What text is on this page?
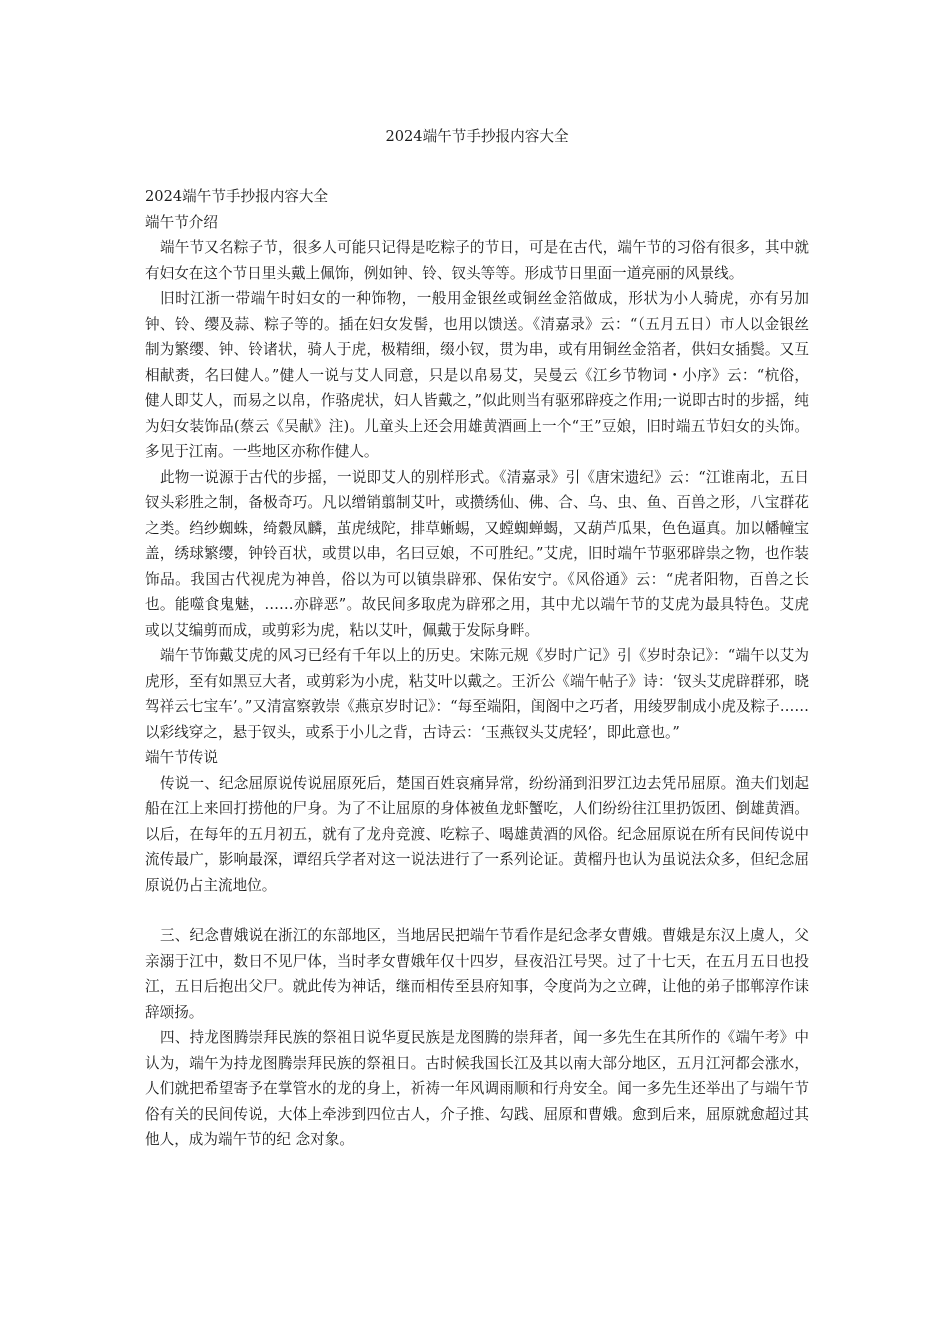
2024端午节手抄报内容大全

2024端午节手抄报内容大全

端午节介绍

端午节又名粽子节，很多人可能只记得是吃粽子的节日，可是在古代，端午节的习俗有很多，其中就有妇女在这个节日里头戴上佩饰，例如钟、铃、钗头等等。形成节日里面一道亮丽的风景线。

旧时江浙一带端午时妇女的一种饰物，一般用金银丝或铜丝金箔做成，形状为小人骑虎，亦有另加钟、铃、缨及蒜、粽子等的。插在妇女发髻，也用以馈送。《清嘉录》云：“（五月五日）市人以金银丝制为繁缨、钟、铃诸状，骑人于虎，极精细，缀小钗，贯为串，或有用铜丝金箔者，供妇女插鬓。又互相献赉，名曰健人。”健人一说与艾人同意，只是以帛易艾，吴曼云《江乡节物词・小序》云：“杭俗，健人即艾人，而易之以帛，作骆虎状，妇人皆戴之，”似此则当有驱邪辟疫之作用;一说即古时的步摇，纯为妇女装饰品(蔡云《吴献》注)。儿童头上还会用雄黄酒画上一个“王”豆娘，旧时端五节妇女的头饰。多见于江南。一些地区亦称作健人。

此物一说源于古代的步摇，一说即艾人的别样形式。《清嘉录》引《唐宋遗纪》云：“江谁南北，五日钗头彩胜之制，备极奇巧。凡以缯销翦制艾叶，或攒绣仙、佛、合、乌、虫、鱼、百兽之形，八宝群花之类。绉纱蜘蛛，绮縠凤麟，茧虎绒陀，排草蜥蜴，又螳蜘蝉蝎，又葫芦瓜果，色色逼真。加以幡幢宝盖，绣球繁缨，钟铃百状，或贯以串，名曰豆娘，不可胜纪。”艾虎，旧时端午节驱邪辟祟之物，也作装饰品。我国古代视虎为神兽，俗以为可以镇祟辟邪、保佑安宁。《风俗通》云：“虎者阳物，百兽之长也。能噬食鬼魅，……亦辟恶”。故民间多取虎为辟邪之用，其中尤以端午节的艾虎为最具特色。艾虎或以艾编剪而成，或剪彩为虎，粘以艾叶，佩戴于发际身畔。

端午节饰戴艾虎的风习已经有千年以上的历史。宋陈元规《岁时广记》引《岁时杂记》：“端午以艾为虎形，至有如黑豆大者，或剪彩为小虎，粘艾叶以戴之。王沂公《端午帖子》诗：‘钗头艾虎辟群邪，晓驾祥云七宝车’。”又清富察敦崇《燕京岁时记》：“每至端阳，闺阁中之巧者，用绫罗制成小虎及粽子……以彩线穿之，悬于钗头，或系于小儿之背，古诗云：‘玉燕钗头艾虎轻’，即此意也。”

端午节传说

传说一、纪念屈原说传说屈原死后，楚国百姓哀痛异常，纷纷涌到汨罗江边去凭吊屈原。渔夫们划起船在江上来回打捞他的尸身。为了不让屈原的身体被鱼龙虾蟹吃，人们纷纷往江里扔饭团、倒雄黄酒。以后，在每年的五月初五，就有了龙舟竞渡、吃粽子、喝雄黄酒的风俗。纪念屈原说在所有民间传说中流传最广，影响最深，谭绍兵学者对这一说法进行了一系列论证。黄榴丹也认为虽说法众多，但纪念屈原说仍占主流地位。

三、纪念曹娥说在浙江的东部地区，当地居民把端午节看作是纪念孝女曹娥。曹娥是东汉上虞人，父亲溺于江中，数日不见尸体，当时孝女曹娥年仅十四岁，昼夜沿江号哭。过了十七天，在五月五日也投江，五日后抱出父尸。就此传为神话，继而相传至县府知事，令度尚为之立碑，让他的弟子邯郸淳作诔辞颂扬。

四、持龙图腾崇拜民族的祭祖日说华夏民族是龙图腾的崇拜者，闻一多先生在其所作的《端午考》中认为，端午为持龙图腾崇拜民族的祭祖日。古时候我国长江及其以南大部分地区，五月江河都会涨水，人们就把希望寄予在掌管水的龙的身上，祈祷一年风调雨顺和行舟安全。闻一多先生还举出了与端午节俗有关的民间传说，大体上牵涉到四位古人，介子推、勾践、屈原和曹娥。愈到后来，屈原就愈超过其他人，成为端午节的纪 念对象。
